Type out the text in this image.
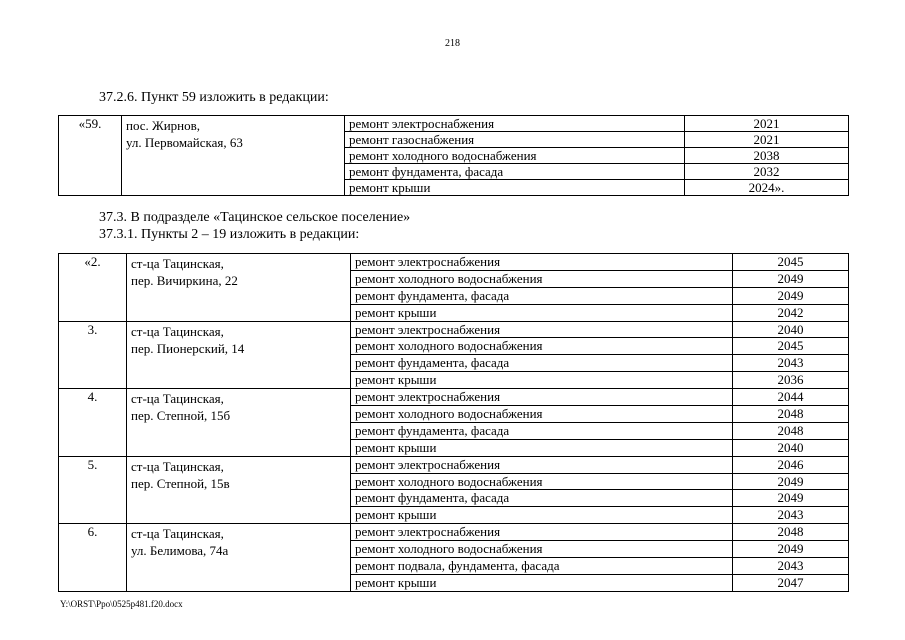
218
37.2.6. Пункт 59 изложить в редакции:
«59.	пос. Жирнов,
ул. Первомайская, 63	ремонт электроснабжения	2021
		ремонт газоснабжения	2021
		ремонт холодного водоснабжения	2038
		ремонт фундамента, фасада	2032
		ремонт крыши	2024».
37.3. В подразделе «Тацинское сельское поселение»
37.3.1. Пункты 2 – 19 изложить в редакции:
«2.	ст-ца Тацинская,
пер. Вичиркина, 22	ремонт электроснабжения	2045
		ремонт холодного водоснабжения	2049
		ремонт фундамента, фасада	2049
		ремонт крыши	2042
3.	ст-ца Тацинская,
пер. Пионерский, 14	ремонт электроснабжения	2040
		ремонт холодного водоснабжения	2045
		ремонт фундамента, фасада	2043
		ремонт крыши	2036
4.	ст-ца Тацинская,
пер. Степной, 15б	ремонт электроснабжения	2044
		ремонт холодного водоснабжения	2048
		ремонт фундамента, фасада	2048
		ремонт крыши	2040
5.	ст-ца Тацинская,
пер. Степной, 15в	ремонт электроснабжения	2046
		ремонт холодного водоснабжения	2049
		ремонт фундамента, фасада	2049
		ремонт крыши	2043
6.	ст-ца Тацинская,
ул. Белимова, 74а	ремонт электроснабжения	2048
		ремонт холодного водоснабжения	2049
		ремонт подвала, фундамента, фасада	2043
		ремонт крыши	2047
Y:\ORST\Ppo\0525p481.f20.docx
